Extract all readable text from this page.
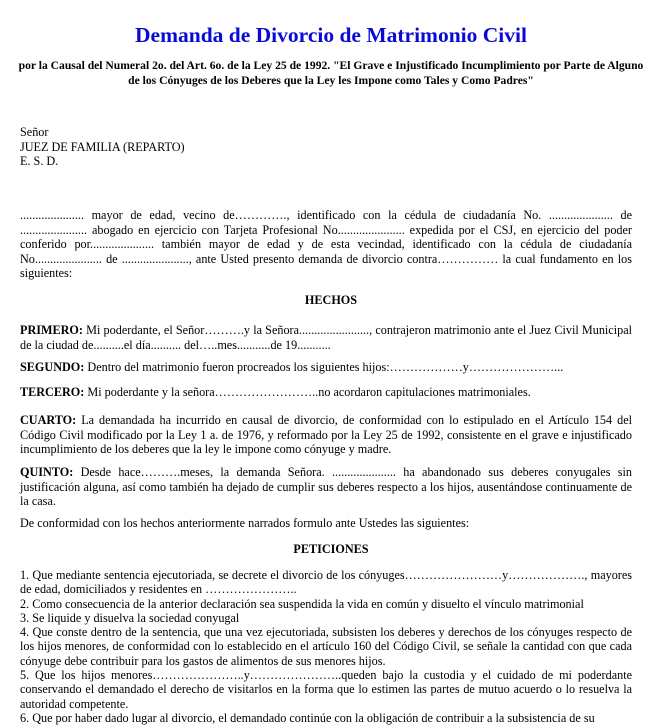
Demanda de Divorcio de Matrimonio Civil

por la Causal del Numeral 2o. del Art. 6o. de la Ley 25 de 1992. "El Grave e Injustificado Incumplimiento por Parte de Alguno de los Cónyuges de los Deberes que la Ley les Impone como Tales y Como Padres"

Señor
JUEZ DE FAMILIA (REPARTO)
E. S. D.

..................... mayor de edad, vecino de…………., identificado con la cédula de ciudadanía No. ..................... de ...................... abogado en ejercicio con Tarjeta Profesional No...................... expedida por el CSJ, en ejercicio del poder conferido por..................... también mayor de edad y de esta vecindad, identificado con la cédula de ciudadanía No...................... de ......................, ante Usted presento demanda de divorcio contra…………… la cual fundamento en los siguientes:

HECHOS

PRIMERO: Mi poderdante, el Señor……….y la Señora......................., contrajeron matrimonio ante el Juez Civil Municipal de la ciudad de..........el día.......... del…..mes...........de 19...........

SEGUNDO: Dentro del matrimonio fueron procreados los siguientes hijos:………………y…………………...

TERCERO: Mi poderdante y la señora……………………..no acordaron capitulaciones matrimoniales.

CUARTO: La demandada ha incurrido en causal de divorcio, de conformidad con lo estipulado en el Artículo 154 del Código Civil modificado por la Ley 1 a. de 1976, y reformado por la Ley 25 de 1992, consistente en el grave e injustificado incumplimiento de los deberes que la ley le impone como cónyuge y madre.

QUINTO: Desde hace……….meses, la demanda Señora. ..................... ha abandonado sus deberes conyugales sin justificación alguna, así como también ha dejado de cumplir sus deberes respecto a los hijos, ausentándose continuamente de la casa.

De conformidad con los hechos anteriormente narrados formulo ante Ustedes las siguientes:

PETICIONES
1. Que mediante sentencia ejecutoriada, se decrete el divorcio de los cónyuges……………………y………………., mayores de edad, domiciliados y residentes en …………………..
2. Como consecuencia de la anterior declaración sea suspendida la vida en común y disuelto el vínculo matrimonial
3. Se liquide y disuelva la sociedad conyugal
4. Que conste dentro de la sentencia, que una vez ejecutoriada, subsisten los deberes y derechos de los cónyuges respecto de los hijos menores, de conformidad con lo establecido en el artículo 160 del Código Civil, se señale la cantidad con que cada cónyuge debe contribuir para los gastos de alimentos de sus menores hijos.
5. Que los hijos menores…………………..y…………………..queden bajo la custodia y el cuidado de mi poderdante conservando el demandado el derecho de visitarlos en la forma que lo estimen las partes de mutuo acuerdo o lo resuelva la autoridad competente.
6. Que por haber dado lugar al divorcio, el demandado continúe con la obligación de contribuir a la subsistencia de su
